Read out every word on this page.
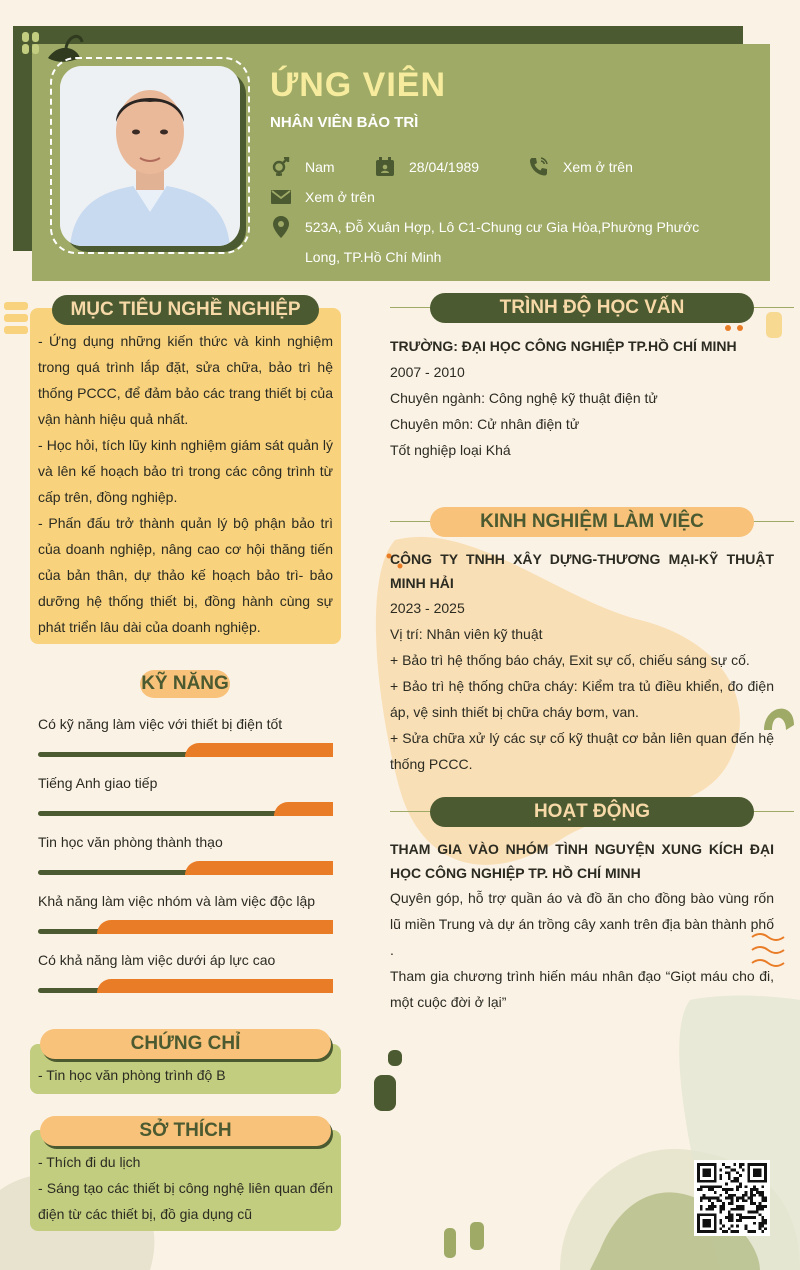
ỨNG VIÊN
NHÂN VIÊN BẢO TRÌ
Nam	28/04/1989	Xem ở trên
Xem ở trên
523A, Đỗ Xuân Hợp, Lô C1-Chung cư Gia Hòa,Phường Phước Long, TP.Hồ Chí Minh
MỤC TIÊU NGHỀ NGHIỆP

- Ứng dụng những kiến thức và kinh nghiệm trong quá trình lắp đặt, sửa chữa, bảo trì hệ thống PCCC, để đảm bảo các trang thiết bị của vận hành hiệu quả nhất.

- Học hỏi, tích lũy kinh nghiệm giám sát quản lý và lên kế hoạch bảo trì trong các công trình từ cấp trên, đồng nghiệp.

- Phấn đấu trở thành quản lý bộ phận bảo trì của doanh nghiệp, nâng cao cơ hội thăng tiến của bản thân, dự thảo kế hoạch bảo trì- bảo dưỡng hệ thống thiết bị, đồng hành cùng sự phát triển lâu dài của doanh nghiệp.

KỸ NĂNG
CHỨNG CHỈ
- Tin học văn phòng trình độ B
SỞ THÍCH
- Thích đi du lịch
- Sáng tạo các thiết bị công nghệ liên quan đến điện từ các thiết bị, đồ gia dụng cũ
TRÌNH ĐỘ HỌC VẤN
TRƯỜNG: ĐẠI HỌC CÔNG NGHIỆP TP.HỒ CHÍ MINH
2007 - 2010
Chuyên ngành: Công nghệ kỹ thuật điện tử
Chuyên môn: Cử nhân điện tử
Tốt nghiệp loại Khá
KINH NGHIỆM LÀM VIỆC
CÔNG TY TNHH XÂY DỰNG-THƯƠNG MẠI-KỸ THUẬT MINH HẢI
2023 - 2025
Vị trí: Nhân viên kỹ thuật
+ Bảo trì hệ thống báo cháy, Exit sự cố, chiếu sáng sự cố.
+ Bảo trì hệ thống chữa cháy: Kiểm tra tủ điều khiển, đo điện áp, vệ sinh thiết bị chữa cháy bơm, van.
+ Sửa chữa xử lý các sự cố kỹ thuật cơ bản liên quan đến hệ thống PCCC.
HOẠT ĐỘNG
THAM GIA VÀO NHÓM TÌNH NGUYỆN XUNG KÍCH ĐẠI HỌC CÔNG NGHIỆP TP. HỒ CHÍ MINH
Quyên góp, hỗ trợ quần áo và đồ ăn cho đồng bào vùng rốn lũ miền Trung và dự án trồng cây xanh trên địa bàn thành phố .
Tham gia chương trình hiến máu nhân đạo “Giọt máu cho đi, một cuộc đời ở lại”
Có kỹ năng làm việc với thiết bị điện tốt
Tiếng Anh giao tiếp
Tin học văn phòng thành thạo
Khả năng làm việc nhóm và làm việc độc lập
Có khả năng làm việc dưới áp lực cao
